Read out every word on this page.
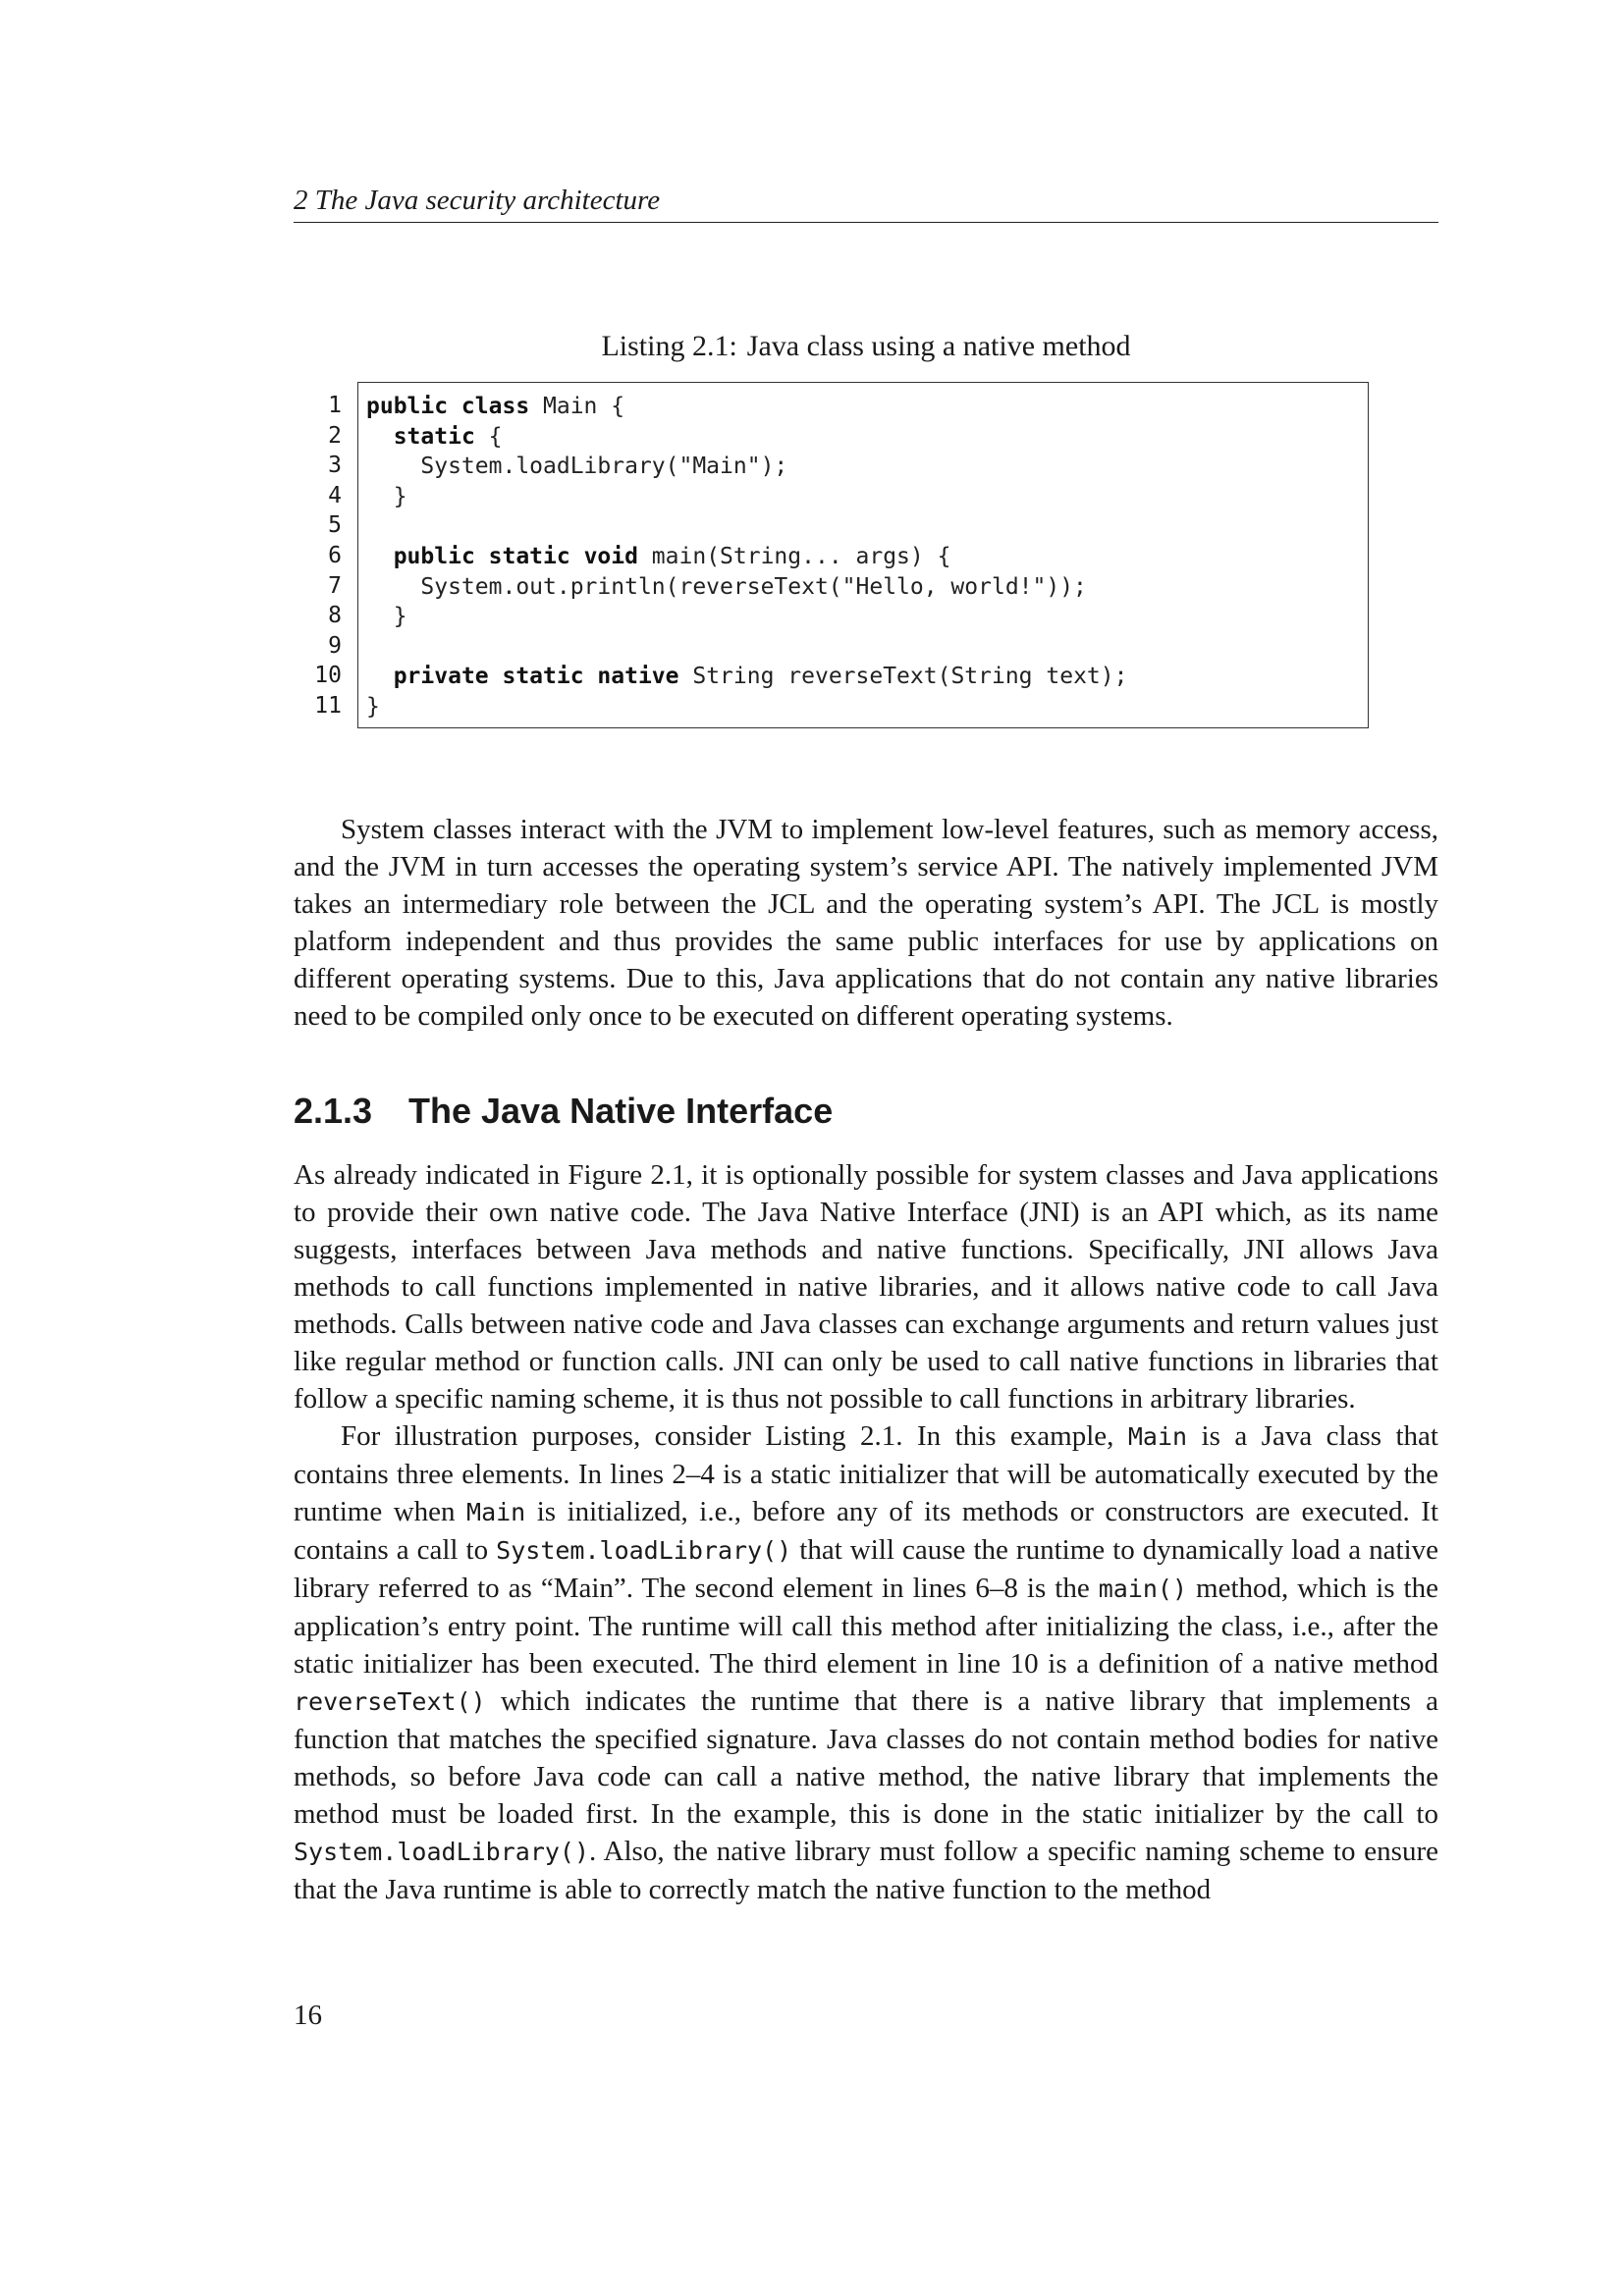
2 The Java security architecture
Listing 2.1: Java class using a native method
1
2
3
4
5
6
7
8
9
10
11
public class Main {
static {
System.loadLibrary("Main");
}
public static void main(String... args) {
System.out.println(reverseText("Hello, world!"));
}
private static native String reverseText(String text);
}

System classes interact with the JVM to implement low-level features, such as memory access, and the JVM in turn accesses the operating system’s service API. The natively implemented JVM takes an intermediary role between the JCL and the operating system’s API. The JCL is mostly platform independent and thus provides the same public interfaces for use by applications on different operating systems. Due to this, Java applications that do not contain any native libraries need to be compiled only once to be executed on different operating systems.

2.1.3 The Java Native Interface

As already indicated in Figure 2.1, it is optionally possible for system classes and Java applications to provide their own native code. The Java Native Interface (JNI) is an API which, as its name suggests, interfaces between Java methods and native functions. Specifically, JNI allows Java methods to call functions implemented in native libraries, and it allows native code to call Java methods. Calls between native code and Java classes can exchange arguments and return values just like regular method or function calls. JNI can only be used to call native functions in libraries that follow a specific naming scheme, it is thus not possible to call functions in arbitrary libraries.

For illustration purposes, consider Listing 2.1. In this example, Main is a Java class that contains three elements. In lines 2–4 is a static initializer that will be automatically executed by the runtime when Main is initialized, i.e., before any of its methods or constructors are executed. It contains a call to System.loadLibrary() that will cause the runtime to dynamically load a native library referred to as “Main”. The second element in lines 6–8 is the main() method, which is the application’s entry point. The runtime will call this method after initializing the class, i.e., after the static initializer has been executed. The third element in line 10 is a definition of a native method reverseText() which indicates the runtime that there is a native library that implements a function that matches the specified signature. Java classes do not contain method bodies for native methods, so before Java code can call a native method, the native library that implements the method must be loaded first. In the example, this is done in the static initializer by the call to System.loadLibrary(). Also, the native library must follow a specific naming scheme to ensure that the Java runtime is able to correctly match the native function to the method

16
